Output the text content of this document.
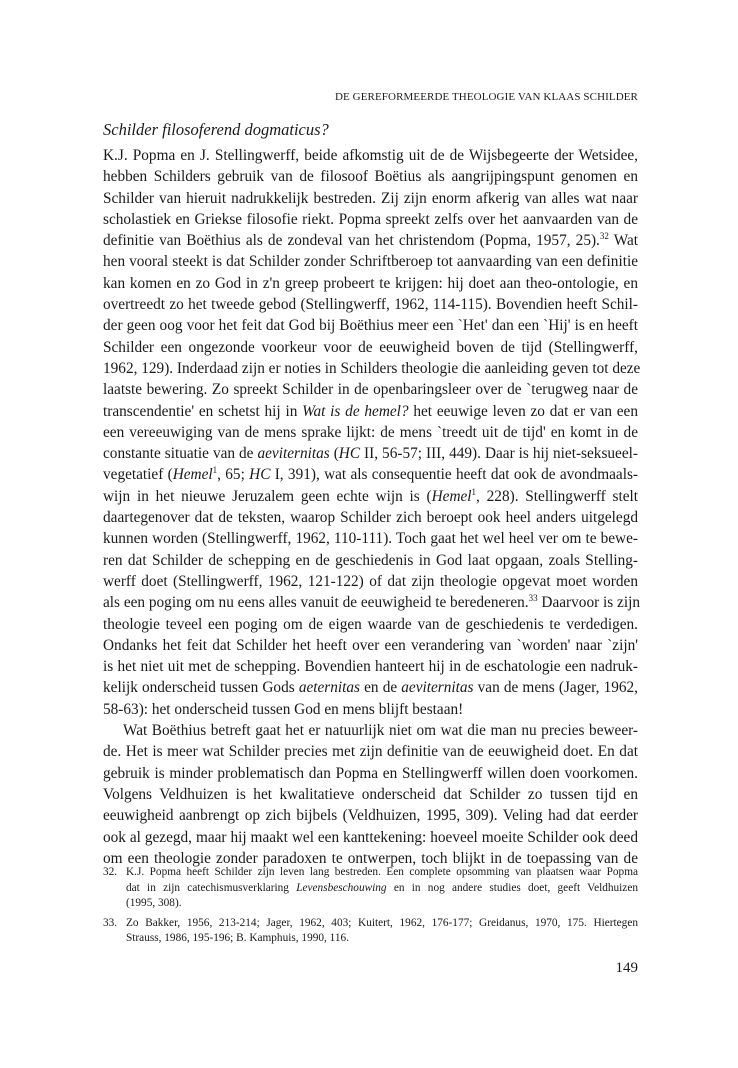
DE GEREFORMEERDE THEOLOGIE VAN KLAAS SCHILDER
Schilder filosoferend dogmaticus?
K.J. Popma en J. Stellingwerff, beide afkomstig uit de de Wijsbegeerte der Wetsidee,
hebben Schilders gebruik van de filosoof Boëtius als aangrijpingspunt genomen en
Schilder van hieruit nadrukkelijk bestreden. Zij zijn enorm afkerig van alles wat naar
scholastiek en Griekse filosofie riekt. Popma spreekt zelfs over het aanvaarden van de
definitie van Boëthius als de zondeval van het christendom (Popma, 1957, 25).$^{32}$ Wat
hen vooral steekt is dat Schilder zonder Schriftberoep tot aanvaarding van een definitie
kan komen en zo God in z'n greep probeert te krijgen: hij doet aan theo-ontologie, en
overtreedt zo het tweede gebod (Stellingwerff, 1962, 114-115). Bovendien heeft Schil-
der geen oog voor het feit dat God bij Boëthius meer een `Het' dan een `Hij' is en heeft
Schilder een ongezonde voorkeur voor de eeuwigheid boven de tijd (Stellingwerff,
1962, 129). Inderdaad zijn er noties in Schilders theologie die aanleiding geven tot deze
laatste bewering. Zo spreekt Schilder in de openbaringsleer over de `terugweg naar de
transcendentie' en schetst hij in Wat is de hemel? het eeuwige leven zo dat er van een
een vereeuwiging van de mens sprake lijkt: de mens `treedt uit de tijd' en komt in de
constante situatie van de aeviternitas (HC II, 56-57; III, 449). Daar is hij niet-seksueel-
vegetatief (Hemel$^1$, 65; HC I, 391), wat als consequentie heeft dat ook de avondmaals-
wijn in het nieuwe Jeruzalem geen echte wijn is (Hemel$^1$, 228). Stellingwerff stelt
daartegenover dat de teksten, waarop Schilder zich beroept ook heel anders uitgelegd
kunnen worden (Stellingwerff, 1962, 110-111). Toch gaat het wel heel ver om te bewe-
ren dat Schilder de schepping en de geschiedenis in God laat opgaan, zoals Stelling-
werff doet (Stellingwerff, 1962, 121-122) of dat zijn theologie opgevat moet worden
als een poging om nu eens alles vanuit de eeuwigheid te beredeneren.$^{33}$ Daarvoor is zijn
theologie teveel een poging om de eigen waarde van de geschiedenis te verdedigen.
Ondanks het feit dat Schilder het heeft over een verandering van `worden' naar `zijn'
is het niet uit met de schepping. Bovendien hanteert hij in de eschatologie een nadruk-
kelijk onderscheid tussen Gods aeternitas en de aeviternitas van de mens (Jager, 1962,
58-63): het onderscheid tussen God en mens blijft bestaan!
Wat Boëthius betreft gaat het er natuurlijk niet om wat die man nu precies beweer-
de. Het is meer wat Schilder precies met zijn definitie van de eeuwigheid doet. En dat
gebruik is minder problematisch dan Popma en Stellingwerff willen doen voorkomen.
Volgens Veldhuizen is het kwalitatieve onderscheid dat Schilder zo tussen tijd en
eeuwigheid aanbrengt op zich bijbels (Veldhuizen, 1995, 309). Veling had dat eerder
ook al gezegd, maar hij maakt wel een kanttekening: hoeveel moeite Schilder ook deed
om een theologie zonder paradoxen te ontwerpen, toch blijkt in de toepassing van de
32. K.J. Popma heeft Schilder zijn leven lang bestreden. Een complete opsomming van plaatsen waar Popma
dat in zijn catechismusverklaring Levensbeschouwing en in nog andere studies doet, geeft Veldhuizen
(1995, 308).
33. Zo Bakker, 1956, 213-214; Jager, 1962, 403; Kuitert, 1962, 176-177; Greidanus, 1970, 175. Hiertegen
Strauss, 1986, 195-196; B. Kamphuis, 1990, 116.
149
